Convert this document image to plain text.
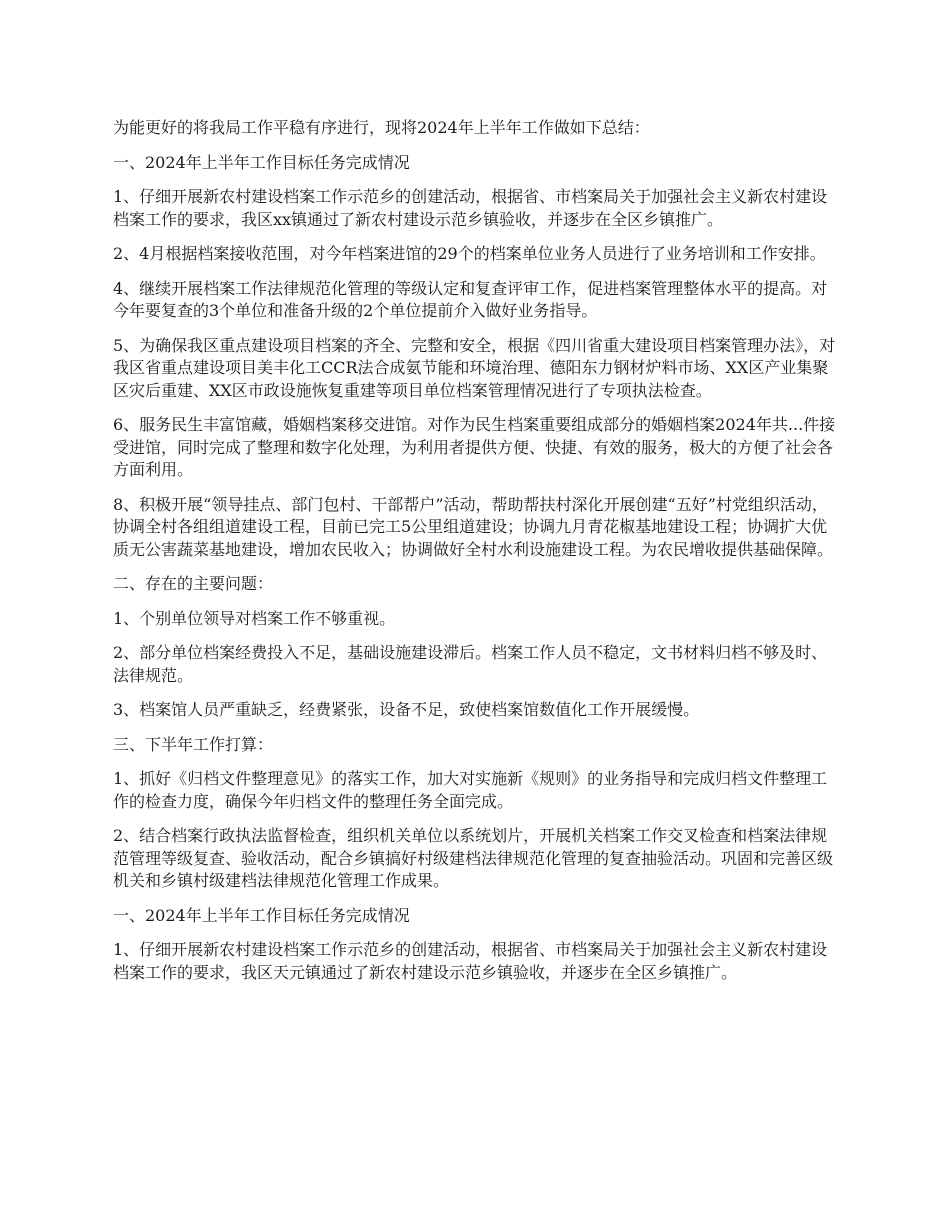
为能更好的将我局工作平稳有序进行，现将2024年上半年工作做如下总结：

一、2024年上半年工作目标任务完成情况

1、仔细开展新农村建设档案工作示范乡的创建活动，根据省、市档案局关于加强社会主义新农村建设档案工作的要求，我区xx镇通过了新农村建设示范乡镇验收，并逐步在全区乡镇推广。

2、4月根据档案接收范围，对今年档案进馆的29个的档案单位业务人员进行了业务培训和工作安排。

4、继续开展档案工作法律规范化管理的等级认定和复查评审工作，促进档案管理整体水平的提高。对今年要复查的3个单位和准备升级的2个单位提前介入做好业务指导。

5、为确保我区重点建设项目档案的齐全、完整和安全，根据《四川省重大建设项目档案管理办法》，对我区省重点建设项目美丰化工CCR法合成氨节能和环境治理、德阳东力钢材炉料市场、XX区产业集聚区灾后重建、XX区市政设施恢复重建等项目单位档案管理情况进行了专项执法检查。

6、服务民生丰富馆藏，婚姻档案移交进馆。对作为民生档案重要组成部分的婚姻档案2024年共...件接受进馆，同时完成了整理和数字化处理，为利用者提供方便、快捷、有效的服务，极大的方便了社会各方面利用。

8、积极开展“领导挂点、部门包村、干部帮户”活动，帮助帮扶村深化开展创建“五好”村党组织活动，协调全村各组组道建设工程，目前已完工5公里组道建设；协调九月青花椒基地建设工程；协调扩大优质无公害蔬菜基地建设，增加农民收入；协调做好全村水利设施建设工程。为农民增收提供基础保障。

二、存在的主要问题：

1、个别单位领导对档案工作不够重视。

2、部分单位档案经费投入不足，基础设施建设滞后。档案工作人员不稳定，文书材料归档不够及时、法律规范。

3、档案馆人员严重缺乏，经费紧张，设备不足，致使档案馆数值化工作开展缓慢。

三、下半年工作打算：

1、抓好《归档文件整理意见》的落实工作，加大对实施新《规则》的业务指导和完成归档文件整理工作的检查力度，确保今年归档文件的整理任务全面完成。

2、结合档案行政执法监督检查，组织机关单位以系统划片，开展机关档案工作交叉检查和档案法律规范管理等级复查、验收活动，配合乡镇搞好村级建档法律规范化管理的复查抽验活动。巩固和完善区级机关和乡镇村级建档法律规范化管理工作成果。

一、2024年上半年工作目标任务完成情况

1、仔细开展新农村建设档案工作示范乡的创建活动，根据省、市档案局关于加强社会主义新农村建设档案工作的要求，我区天元镇通过了新农村建设示范乡镇验收，并逐步在全区乡镇推广。
